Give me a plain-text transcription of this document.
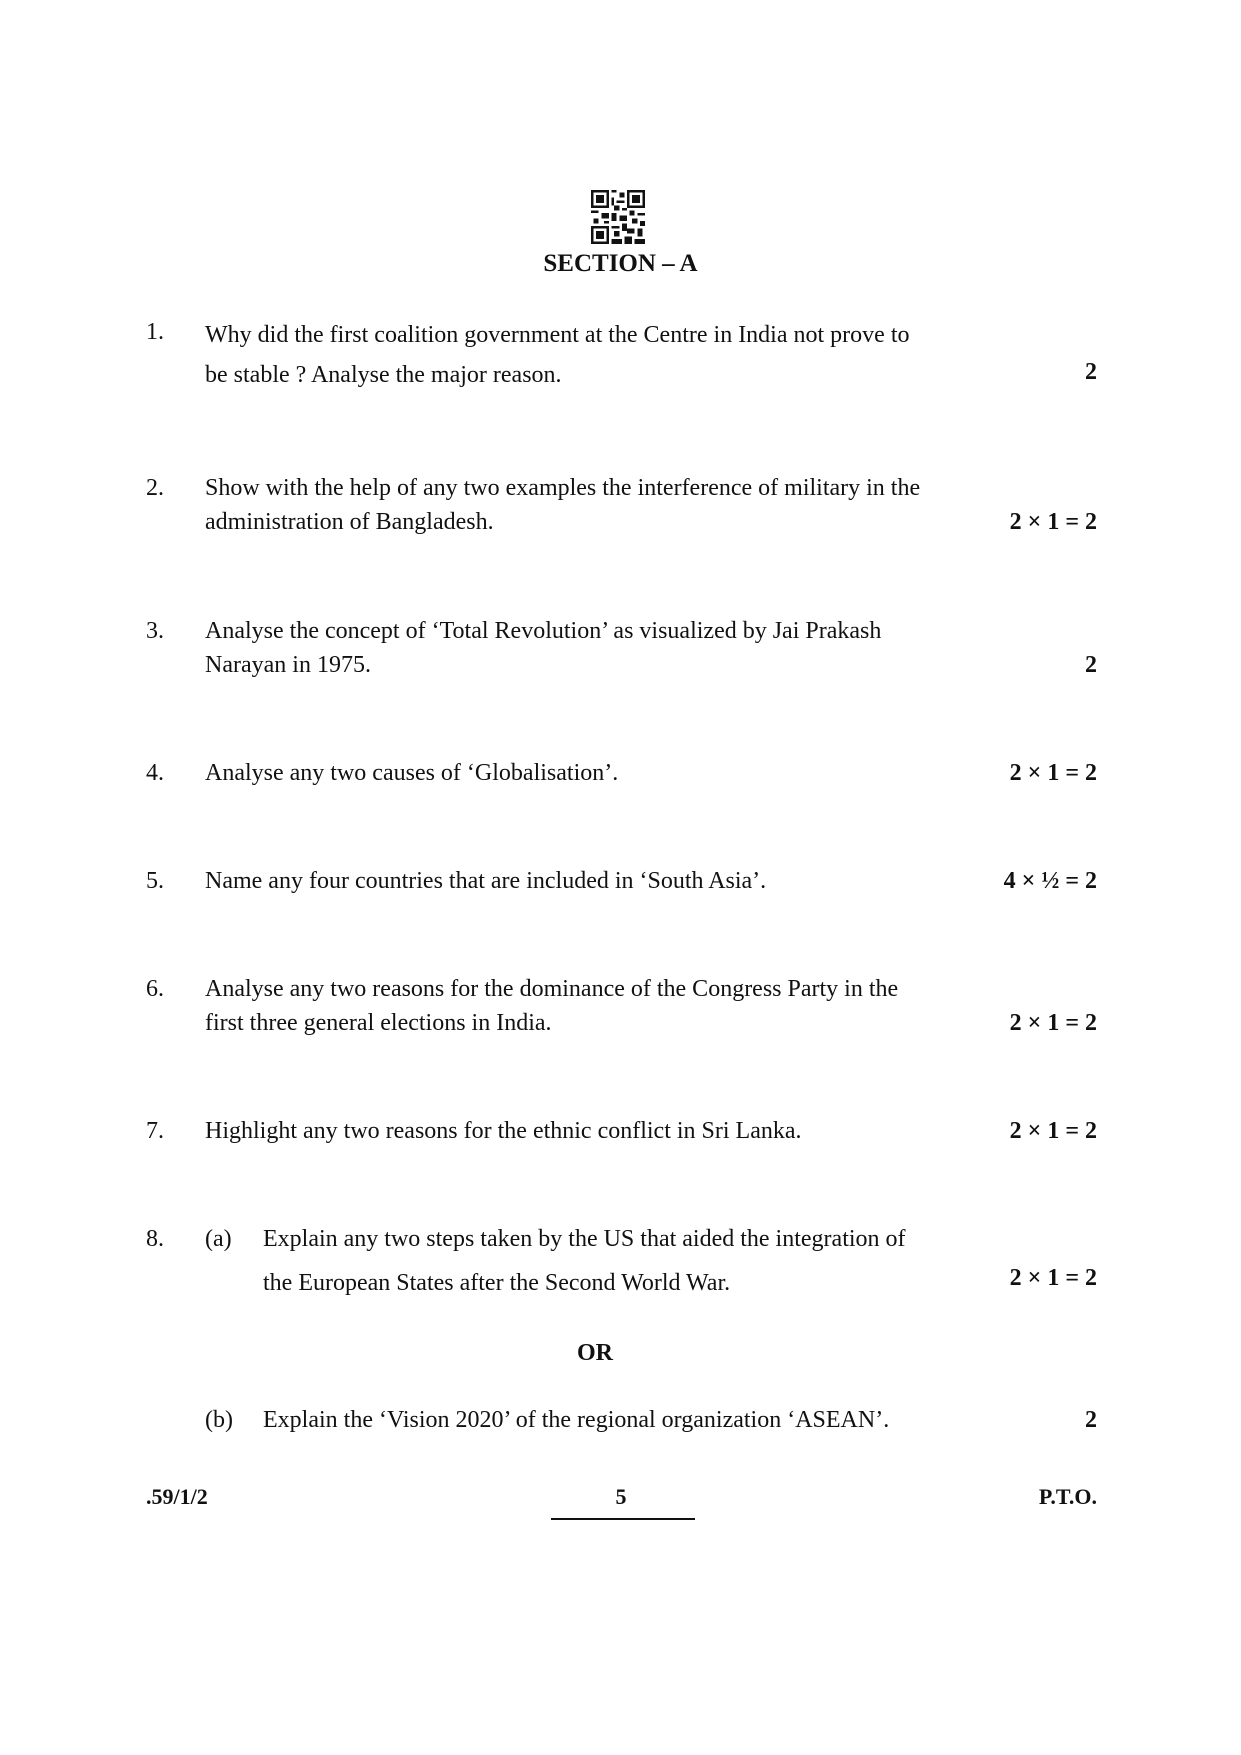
SECTION – A
1. Why did the first coalition government at the Centre in India not prove to
be stable ? Analyse the major reason.	2
2. Show with the help of any two examples the interference of military in the
administration of Bangladesh.	2 × 1 = 2
3. Analyse the concept of ‘Total Revolution’ as visualized by Jai Prakash
Narayan in 1975.	2
4. Analyse any two causes of ‘Globalisation’.	2 × 1 = 2
5. Name any four countries that are included in ‘South Asia’.	4 × ½ = 2
6. Analyse any two reasons for the dominance of the Congress Party in the
first three general elections in India.	2 × 1 = 2
7. Highlight any two reasons for the ethnic conflict in Sri Lanka.	2 × 1 = 2
8. (a) Explain any two steps taken by the US that aided the integration of
the European States after the Second World War.	2 × 1 = 2
OR
(b) Explain the ‘Vision 2020’ of the regional organization ‘ASEAN’.	2
.59/1/2	5	P.T.O.
